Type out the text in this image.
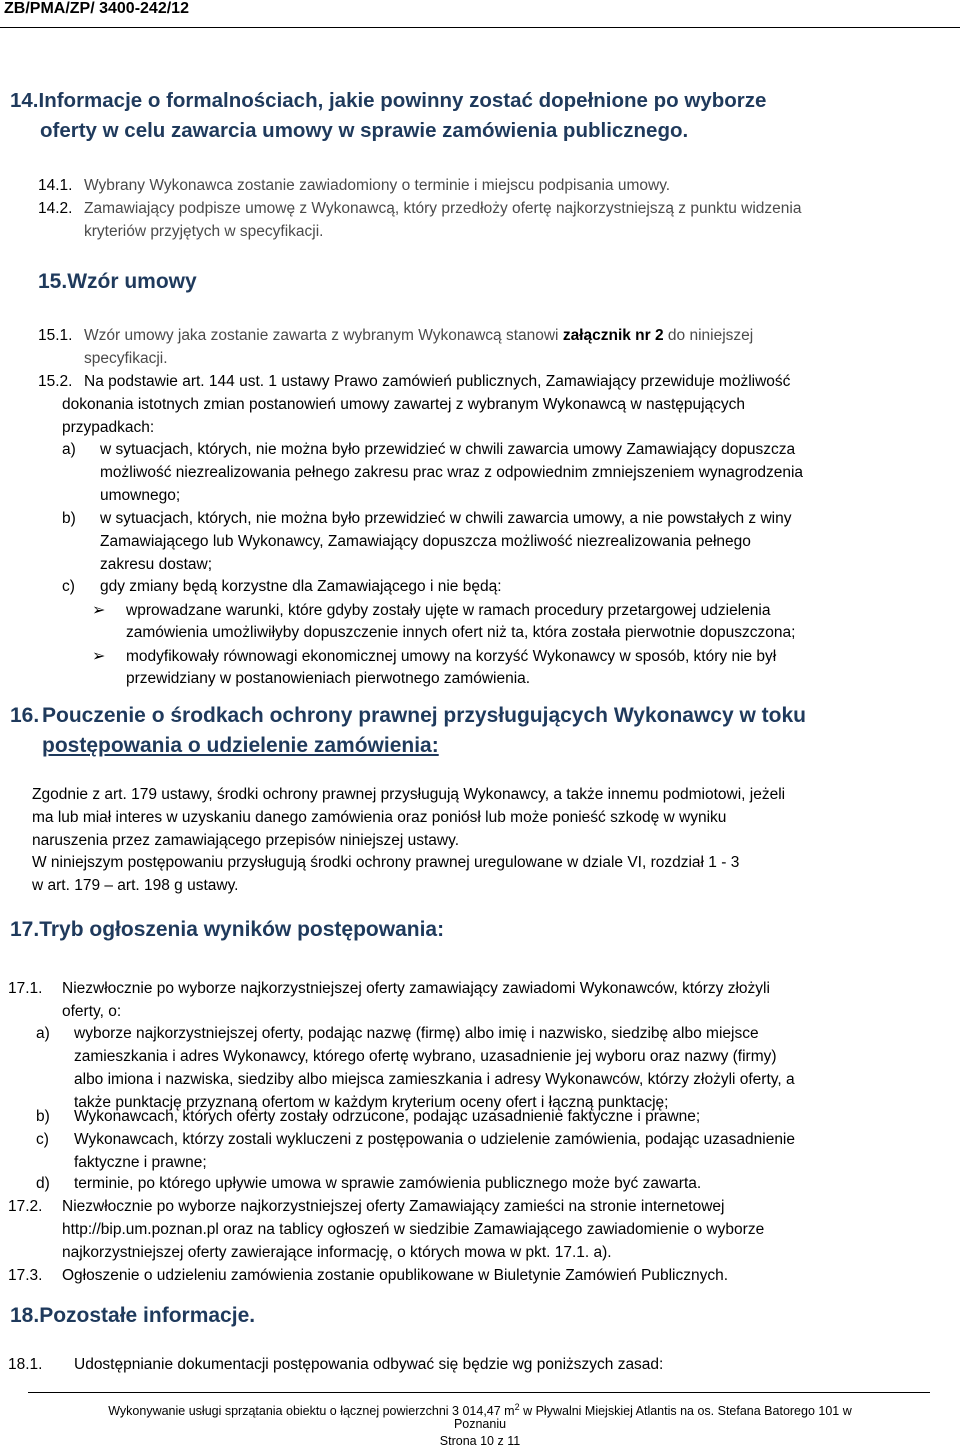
ZB/PMA/ZP/ 3400-242/12
14.Informacje o formalnościach, jakie powinny zostać dopełnione po wyborze
oferty w celu zawarcia umowy w sprawie zamówienia publicznego.
14.1. Wybrany Wykonawca zostanie zawiadomiony o terminie i miejscu podpisania umowy.
14.2. Zamawiający podpisze umowę z Wykonawcą, który przedłoży ofertę najkorzystniejszą z punktu widzenia
kryteriów przyjętych w specyfikacji.
15.Wzór umowy
15.1. Wzór umowy jaka zostanie zawarta z wybranym Wykonawcą stanowi załącznik nr 2 do niniejszej
specyfikacji.
15.2. Na podstawie art. 144 ust. 1 ustawy Prawo zamówień publicznych, Zamawiający przewiduje możliwość
dokonania istotnych zmian postanowień umowy zawartej z wybranym Wykonawcą w następujących
przypadkach:
a) w sytuacjach, których, nie można było przewidzieć w chwili zawarcia umowy Zamawiający dopuszcza
możliwość niezrealizowania pełnego zakresu prac wraz z odpowiednim zmniejszeniem wynagrodzenia
umownego;
b) w sytuacjach, których, nie można było przewidzieć w chwili zawarcia umowy, a nie powstałych z winy
Zamawiającego lub Wykonawcy, Zamawiający dopuszcza możliwość niezrealizowania pełnego
zakresu dostaw;
c) gdy zmiany będą korzystne dla Zamawiającego i nie będą:
➢ wprowadzane warunki, które gdyby zostały ujęte w ramach procedury przetargowej udzielenia
zamówienia umożliwiłyby dopuszczenie innych ofert niż ta, która została pierwotnie dopuszczona;
➢ modyfikowały równowagi ekonomicznej umowy na korzyść Wykonawcy w sposób, który nie był
przewidziany w postanowieniach pierwotnego zamówienia.
16. Pouczenie o środkach ochrony prawnej przysługujących Wykonawcy w toku
postępowania o udzielenie zamówienia:
Zgodnie z art. 179 ustawy, środki ochrony prawnej przysługują Wykonawcy, a także innemu podmiotowi, jeżeli
ma lub miał interes w uzyskaniu danego zamówienia oraz poniósł lub może ponieść szkodę w wyniku
naruszenia przez zamawiającego przepisów niniejszej ustawy.
W niniejszym postępowaniu przysługują środki ochrony prawnej uregulowane w dziale VI, rozdział 1 - 3
w art. 179 – art. 198 g ustawy.
17.Tryb ogłoszenia wyników postępowania:
17.1. Niezwłocznie po wyborze najkorzystniejszej oferty zamawiający zawiadomi Wykonawców, którzy złożyli
oferty, o:
a) wyborze najkorzystniejszej oferty, podając nazwę (firmę) albo imię i nazwisko, siedzibę albo miejsce
zamieszkania i adres Wykonawcy, którego ofertę wybrano, uzasadnienie jej wyboru oraz nazwy (firmy)
albo imiona i nazwiska, siedziby albo miejsca zamieszkania i adresy Wykonawców, którzy złożyli oferty, a
także punktację przyznaną ofertom w każdym kryterium oceny ofert i łączną punktację;
b) Wykonawcach, których oferty zostały odrzucone, podając uzasadnienie faktyczne i prawne;
c) Wykonawcach, którzy zostali wykluczeni z postępowania o udzielenie zamówienia, podając uzasadnienie
faktyczne i prawne;
d) terminie, po którego upływie umowa w sprawie zamówienia publicznego może być zawarta.
17.2. Niezwłocznie po wyborze najkorzystniejszej oferty Zamawiający zamieści na stronie internetowej
http://bip.um.poznan.pl oraz na tablicy ogłoszeń w siedzibie Zamawiającego zawiadomienie o wyborze
najkorzystniejszej oferty zawierające informację, o których mowa w pkt. 17.1. a).
17.3. Ogłoszenie o udzieleniu zamówienia zostanie opublikowane w Biuletynie Zamówień Publicznych.
18.Pozostałe informacje.
18.1. Udostępnianie dokumentacji postępowania odbywać się będzie wg poniższych zasad:
Wykonywanie usługi sprzątania obiektu o łącznej powierzchni 3 014,47 $m^2$ w Pływalni Miejskiej Atlantis na os. Stefana Batorego 101 w
Poznaniu
Strona 10 z 11
